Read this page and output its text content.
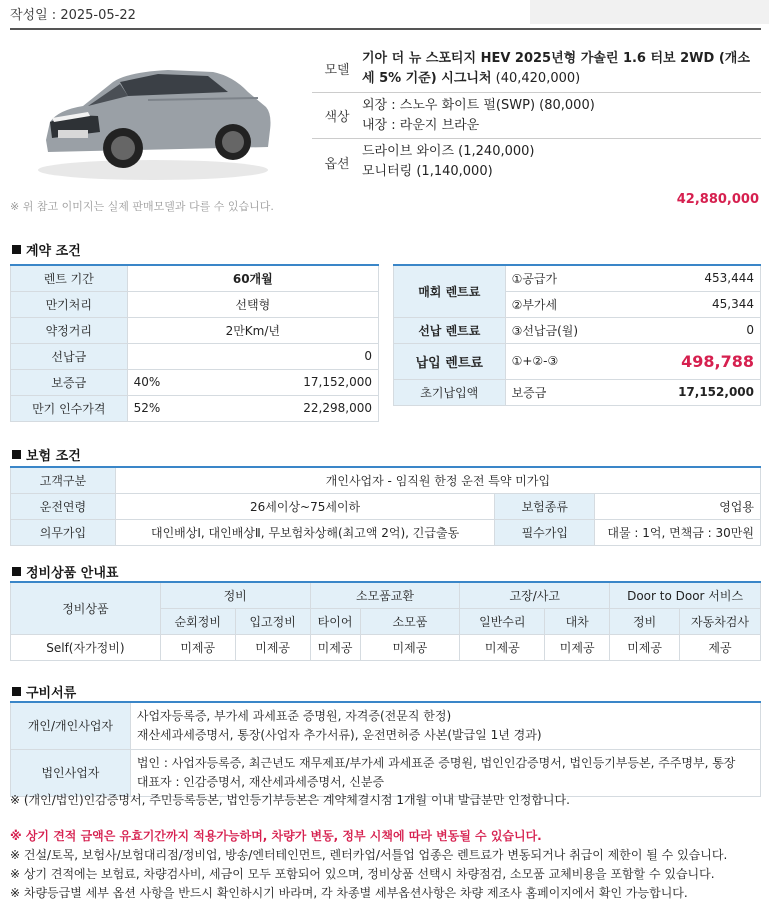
작성일 : 2025-05-22
모델
기아 더 뉴 스포티지 HEV 2025년형 가솔린 1.6 터보 2WD (개소세 5% 기준) 시그니처 (40,420,000)
색상
외장 : 스노우 화이트 펄(SWP) (80,000)
내장 : 라운지 브라운
옵션
드라이브 와이즈 (1,240,000)
모니터링 (1,140,000)
※ 위 참고 이미지는 실제 판매모델과 다를 수 있습니다.	42,880,000
계약 조건
렌트 기간	60개월	
만기처리	선택형	
약정거리	2만Km/년	
선납금	0	
보증금	40%	17,152,000
만기 인수가격	52%	22,298,000
매회 렌트료	①공급가	453,444
	②부가세	45,344
선납 렌트료	③선납금(월)	0
납입 렌트료	①+②-③	498,788
초기납입액	보증금	17,152,000
보험 조건
고객구분	개인사업자 - 임직원 한정 운전 특약 미가입		
운전연령	26세이상~75세이하	보험종류	영업용
의무가입	대인배상Ⅰ, 대인배상Ⅱ, 무보험차상해(최고액 2억), 긴급출동	필수가입	대물 : 1억, 면책금 : 30만원
정비상품 안내표
정비상품	정비		소모품교환		고장/사고		Door to Door 서비스	
	순회정비	입고정비	타이어	소모품	일반수리	대차	정비	자동차검사
Self(자가정비)	미제공	미제공	미제공	미제공	미제공	미제공	미제공	제공
구비서류
개인/개인사업자	사업자등록증, 부가세 과세표준 증명원, 자격증(전문직 한정)
재산세과세증명서, 통장(사업자 추가서류), 운전면허증 사본(발급일 1년 경과)

법인사업자	법인 : 사업자등록증, 최근년도 재무제표/부가세 과세표준 증명원, 법인인감증명서, 법인등기부등본, 주주명부, 통장
대표자 : 인감증명서, 재산세과세증명서, 신분증
※ (개인/법인)인감증명서, 주민등록등본, 법인등기부등본은 계약체결시점 1개월 이내 발급분만 인정합니다.
※ 상기 견적 금액은 유효기간까지 적용가능하며, 차량가 변동, 정부 시책에 따라 변동될 수 있습니다.
※ 건설/토목, 보험사/보험대리점/정비업, 방송/엔터테인먼트, 렌터카업/서틀업 업종은 렌트료가 변동되거나 취급이 제한이 될 수 있습니다.
※ 상기 견적에는 보험료, 차량검사비, 세금이 모두 포함되어 있으며, 정비상품 선택시 차량점검, 소모품 교체비용을 포함할 수 있습니다.
※ 차량등급별 세부 옵션 사항을 반드시 확인하시기 바라며, 각 차종별 세부옵션사항은 차량 제조사 홈페이지에서 확인 가능합니다.
